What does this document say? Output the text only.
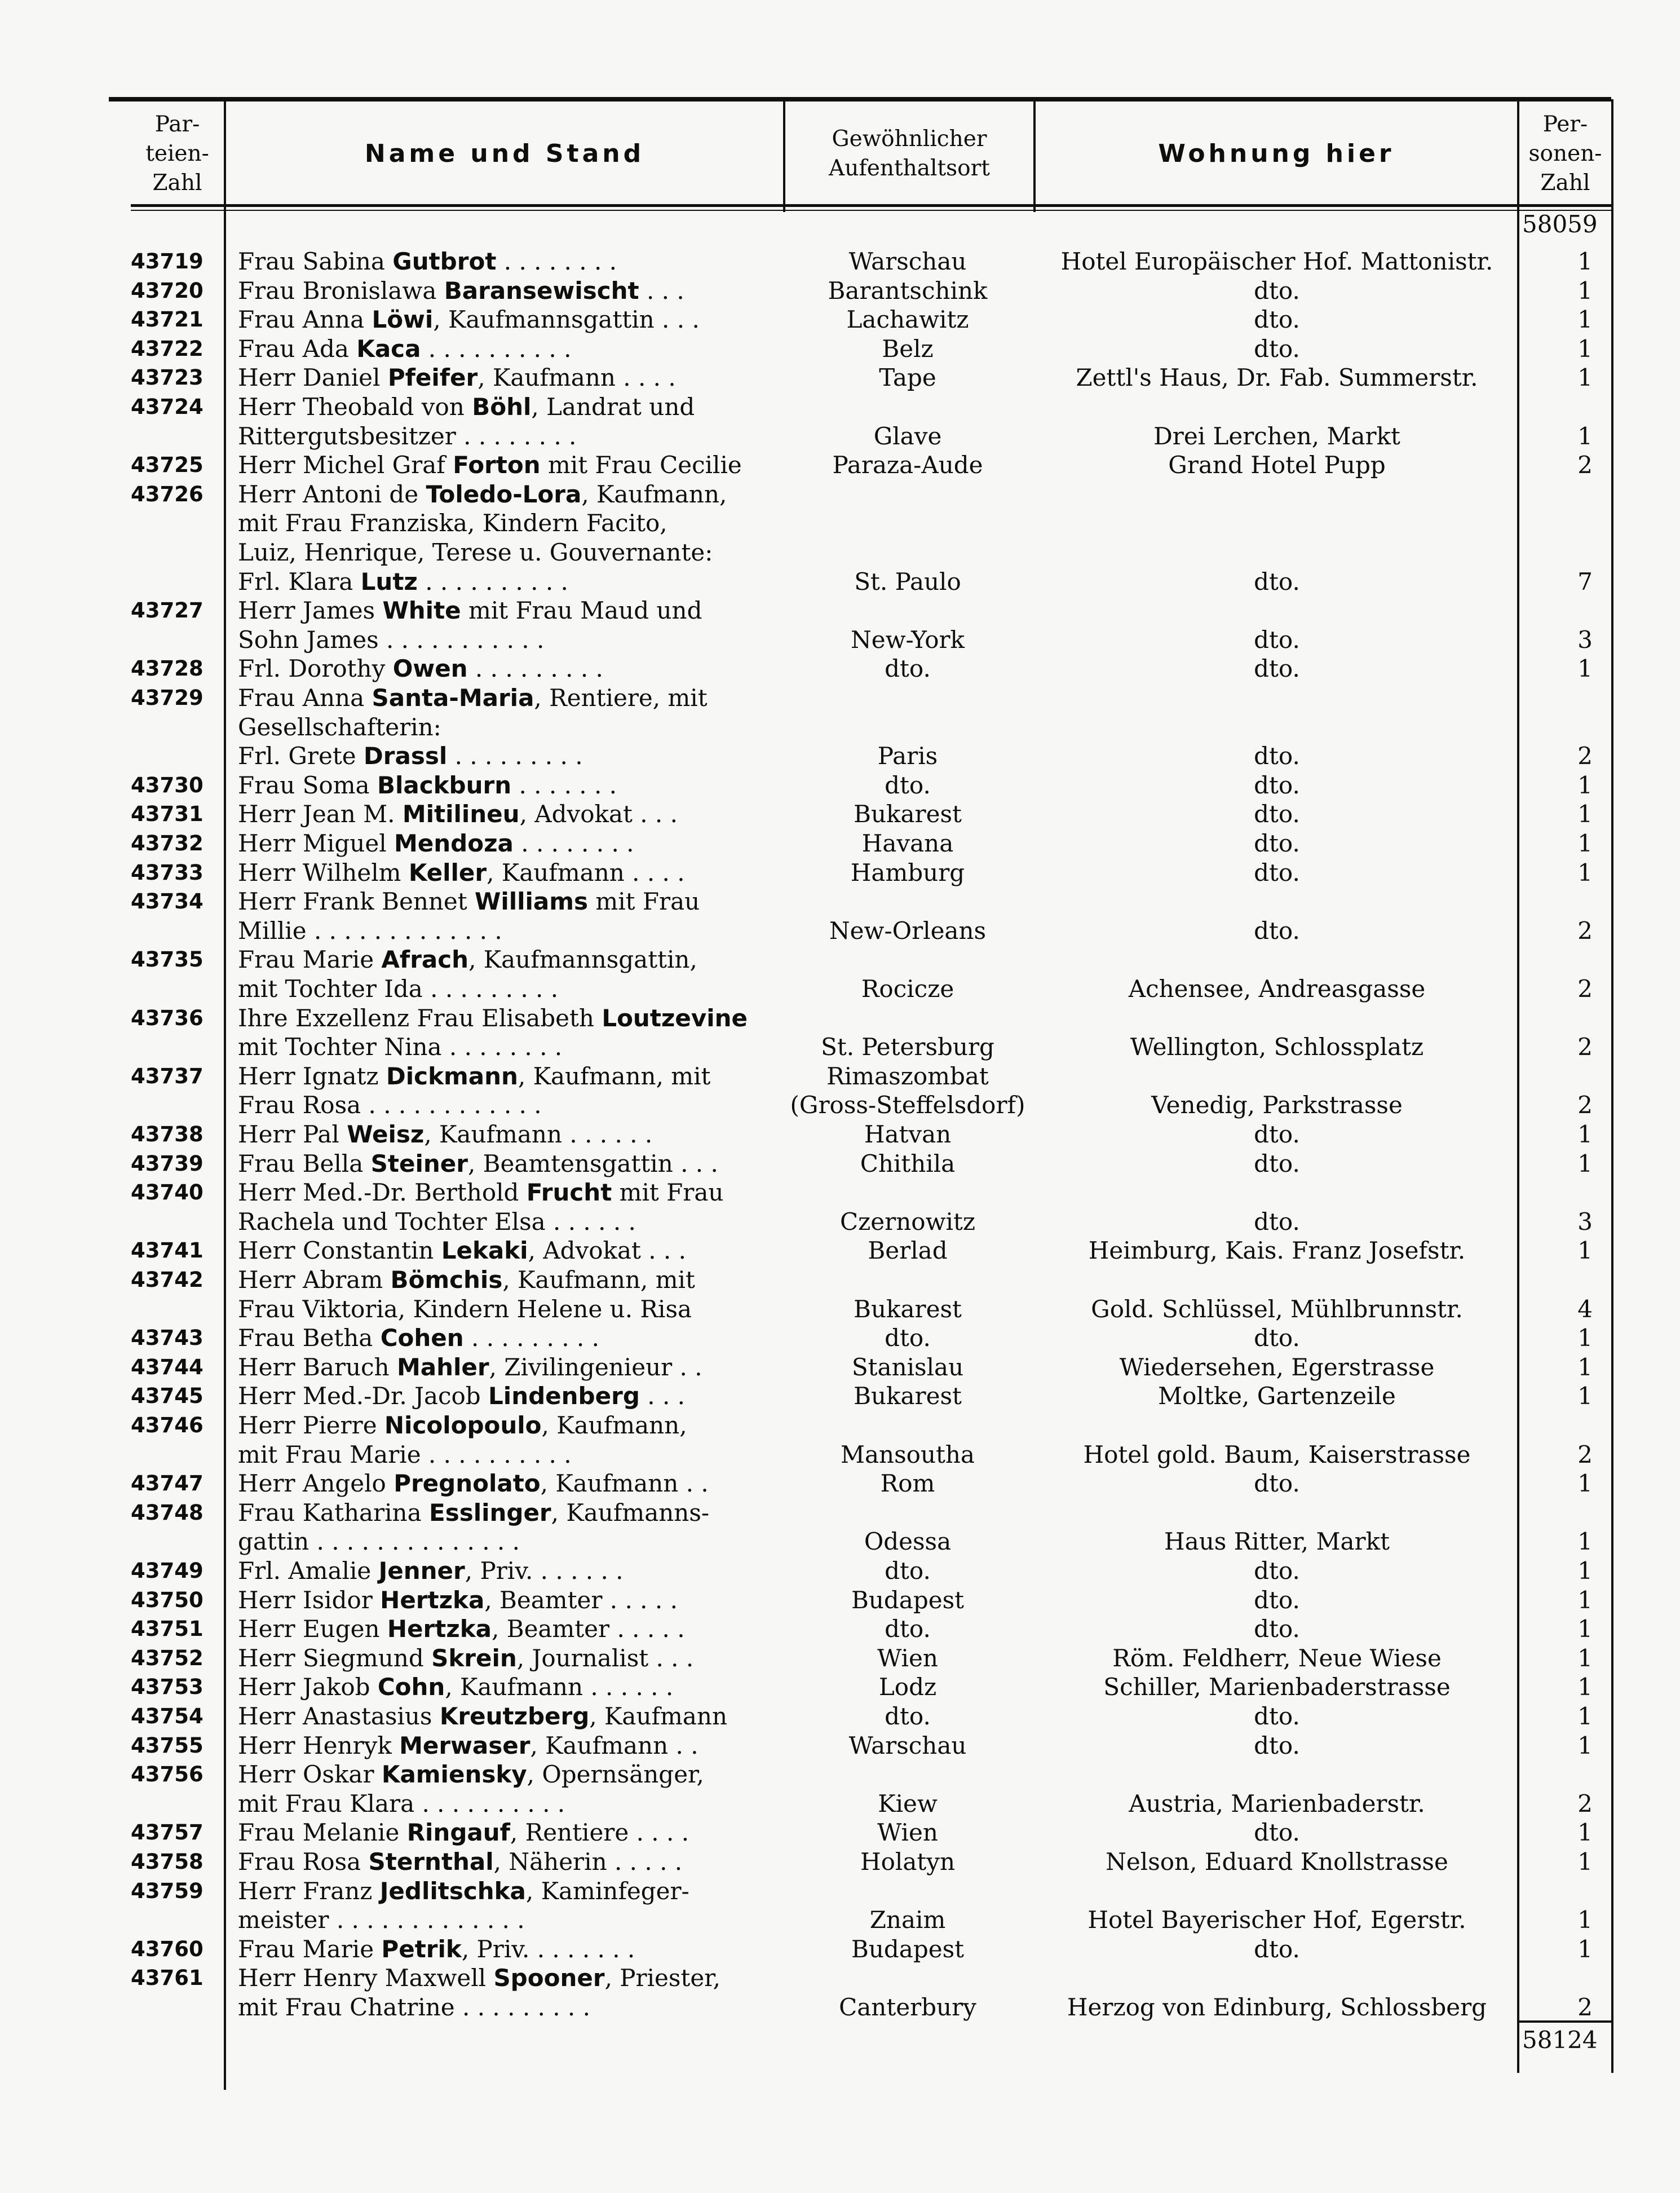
Par-
teien-
Zahl
Name und Stand
Gewöhnlicher
Aufenthaltsort
Wohnung hier
Per-
sonen-
Zahl
58059
43719	Frau Sabina Gutbrot . . . . . . . .	Warschau	Hotel Europäischer Hof. Mattonistr.	1
43720	Frau Bronislawa Baransewischt . . .	Barantschink	dto.	1
43721	Frau Anna Löwi, Kaufmannsgattin . . .	Lachawitz	dto.	1
43722	Frau Ada Kaca . . . . . . . . . .	Belz	dto.	1
43723	Herr Daniel Pfeifer, Kaufmann . . . .	Tape	Zettl's Haus, Dr. Fab. Summerstr.	1
43724	Herr Theobald von Böhl, Landrat und
Rittergutsbesitzer . . . . . . . .	Glave	Drei Lerchen, Markt	1
43725	Herr Michel Graf Forton mit Frau Cecilie	Paraza-Aude	Grand Hotel Pupp	2
43726	Herr Antoni de Toledo-Lora, Kaufmann,
mit Frau Franziska, Kindern Facito,
Luiz, Henrique, Terese u. Gouvernante:
Frl. Klara Lutz . . . . . . . . . .	St. Paulo	dto.	7
43727	Herr James White mit Frau Maud und
Sohn James . . . . . . . . . . .	New-York	dto.	3
43728	Frl. Dorothy Owen . . . . . . . . .	dto.	dto.	1
43729	Frau Anna Santa-Maria, Rentiere, mit
Gesellschafterin:
Frl. Grete Drassl . . . . . . . . .	Paris	dto.	2
43730	Frau Soma Blackburn . . . . . . .	dto.	dto.	1
43731	Herr Jean M. Mitilineu, Advokat . . .	Bukarest	dto.	1
43732	Herr Miguel Mendoza . . . . . . . .	Havana	dto.	1
43733	Herr Wilhelm Keller, Kaufmann . . . .	Hamburg	dto.	1
43734	Herr Frank Bennet Williams mit Frau
Millie . . . . . . . . . . . . .	New-Orleans	dto.	2
43735	Frau Marie Afrach, Kaufmannsgattin,
mit Tochter Ida . . . . . . . . .	Rocicze	Achensee, Andreasgasse	2
43736	Ihre Exzellenz Frau Elisabeth Loutzevine
mit Tochter Nina . . . . . . . .	St. Petersburg	Wellington, Schlossplatz	2
43737	Herr Ignatz Dickmann, Kaufmann, mit	Rimaszombat
Frau Rosa . . . . . . . . . . . .	(Gross-Steffelsdorf)	Venedig, Parkstrasse	2
43738	Herr Pal Weisz, Kaufmann . . . . . .	Hatvan	dto.	1
43739	Frau Bella Steiner, Beamtensgattin . . .	Chithila	dto.	1
43740	Herr Med.-Dr. Berthold Frucht mit Frau
Rachela und Tochter Elsa . . . . . .	Czernowitz	dto.	3
43741	Herr Constantin Lekaki, Advokat . . .	Berlad	Heimburg, Kais. Franz Josefstr.	1
43742	Herr Abram Bömchis, Kaufmann, mit
Frau Viktoria, Kindern Helene u. Risa	Bukarest	Gold. Schlüssel, Mühlbrunnstr.	4
43743	Frau Betha Cohen . . . . . . . . .	dto.	dto.	1
43744	Herr Baruch Mahler, Zivilingenieur . .	Stanislau	Wiedersehen, Egerstrasse	1
43745	Herr Med.-Dr. Jacob Lindenberg . . .	Bukarest	Moltke, Gartenzeile	1
43746	Herr Pierre Nicolopoulo, Kaufmann,
mit Frau Marie . . . . . . . . . .	Mansoutha	Hotel gold. Baum, Kaiserstrasse	2
43747	Herr Angelo Pregnolato, Kaufmann . .	Rom	dto.	1
43748	Frau Katharina Esslinger, Kaufmanns-
gattin . . . . . . . . . . . . . .	Odessa	Haus Ritter, Markt	1
43749	Frl. Amalie Jenner, Priv. . . . . . .	dto.	dto.	1
43750	Herr Isidor Hertzka, Beamter . . . . .	Budapest	dto.	1
43751	Herr Eugen Hertzka, Beamter . . . . .	dto.	dto.	1
43752	Herr Siegmund Skrein, Journalist . . .	Wien	Röm. Feldherr, Neue Wiese	1
43753	Herr Jakob Cohn, Kaufmann . . . . . .	Lodz	Schiller, Marienbaderstrasse	1
43754	Herr Anastasius Kreutzberg, Kaufmann	dto.	dto.	1
43755	Herr Henryk Merwaser, Kaufmann . .	Warschau	dto.	1
43756	Herr Oskar Kamiensky, Opernsänger,
mit Frau Klara . . . . . . . . . .	Kiew	Austria, Marienbaderstr.	2
43757	Frau Melanie Ringauf, Rentiere . . . .	Wien	dto.	1
43758	Frau Rosa Sternthal, Näherin . . . . .	Holatyn	Nelson, Eduard Knollstrasse	1
43759	Herr Franz Jedlitschka, Kaminfeger-
meister . . . . . . . . . . . . .	Znaim	Hotel Bayerischer Hof, Egerstr.	1
43760	Frau Marie Petrik, Priv. . . . . . . .	Budapest	dto.	1
43761	Herr Henry Maxwell Spooner, Priester,
mit Frau Chatrine . . . . . . . . .	Canterbury	Herzog von Edinburg, Schlossberg	2
58124
